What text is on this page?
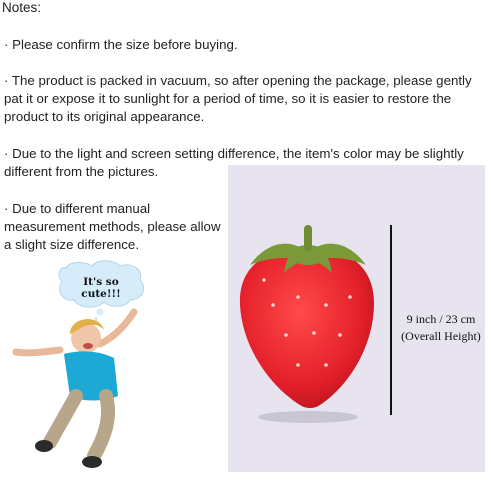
Notes:
· Please confirm the size before buying.
· The product is packed in vacuum, so after opening the package, please gently pat it or expose it to sunlight for a period of time, so it is easier to restore the product to its original appearance.
· Due to the light and screen setting difference, the item's color may be slightly different from the pictures.
· Due to different manual measurement methods, please allow a slight size difference.
9 inch / 23 cm
(Overall Height)
It's so cute!!!
